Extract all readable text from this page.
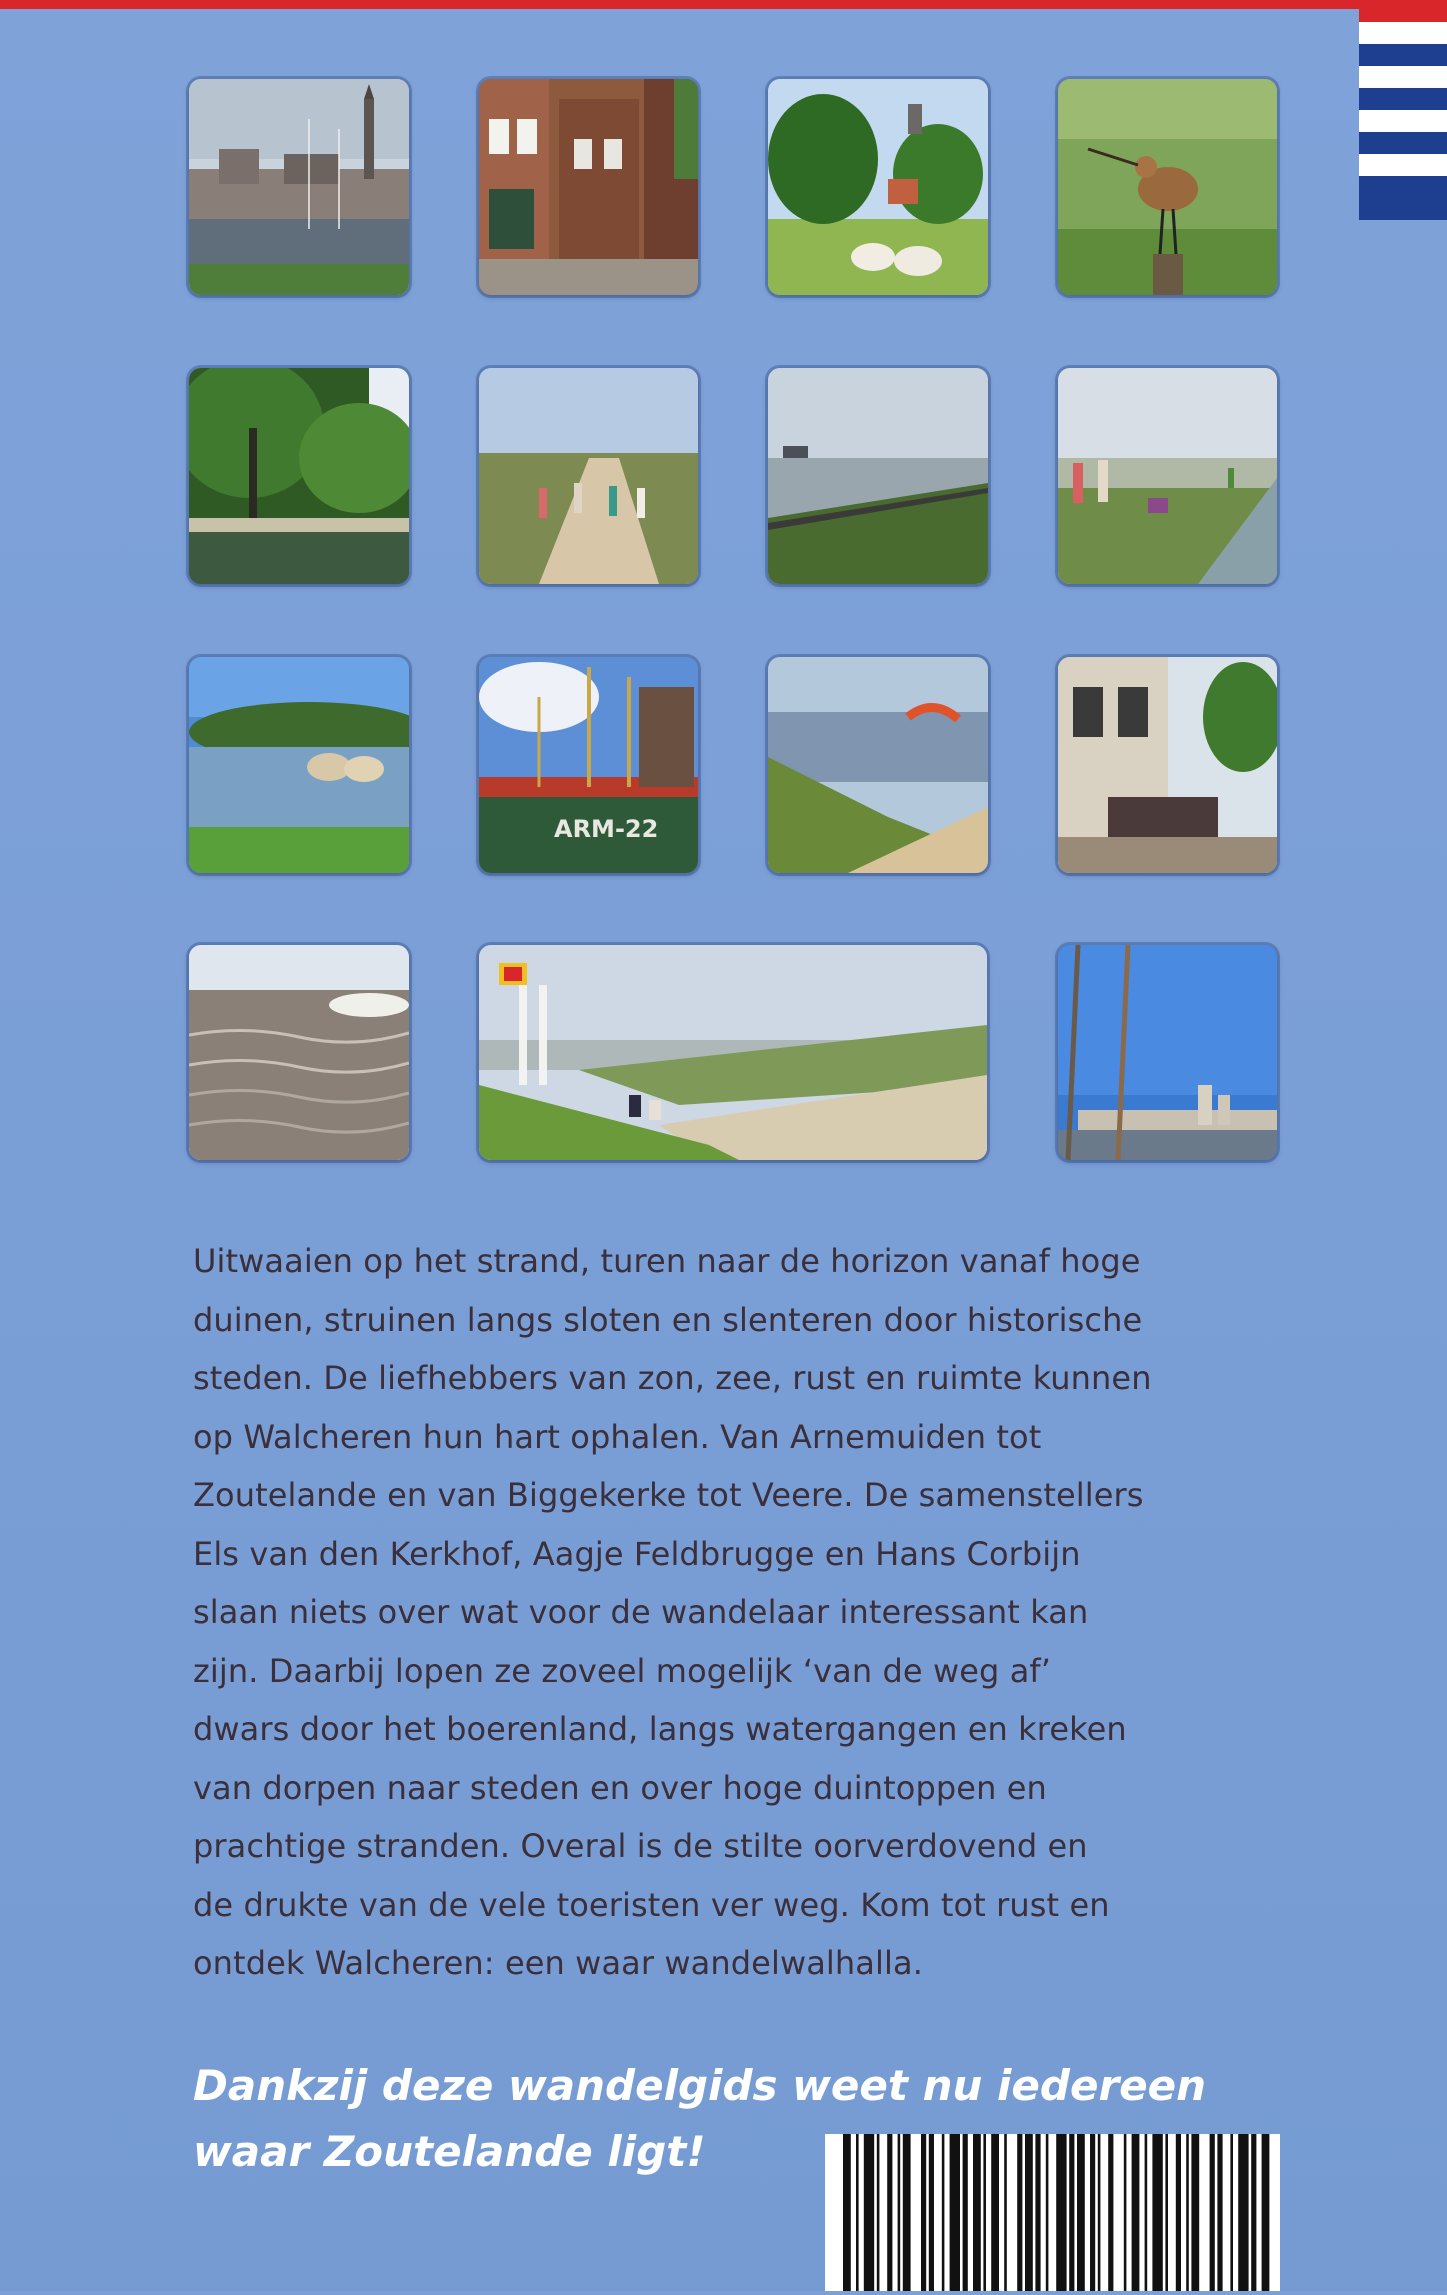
ARM-22
Uitwaaien op het strand, turen naar de horizon vanaf hoge
duinen, struinen langs sloten en slenteren door historische
steden. De liefhebbers van zon, zee, rust en ruimte kunnen
op Walcheren hun hart ophalen. Van Arnemuiden tot
Zoutelande en van Biggekerke tot Veere. De samenstellers
Els van den Kerkhof, Aagje Feldbrugge en Hans Corbijn
slaan niets over wat voor de wandelaar interessant kan
zijn. Daarbij lopen ze zoveel mogelijk ‘van de weg af’
dwars door het boerenland, langs watergangen en kreken
van dorpen naar steden en over hoge duintoppen en
prachtige stranden. Overal is de stilte oorverdovend en
de drukte van de vele toeristen ver weg. Kom tot rust en
ontdek Walcheren: een waar wandelwalhalla.
Dankzij deze wandelgids weet nu iedereen
waar Zoutelande ligt!
